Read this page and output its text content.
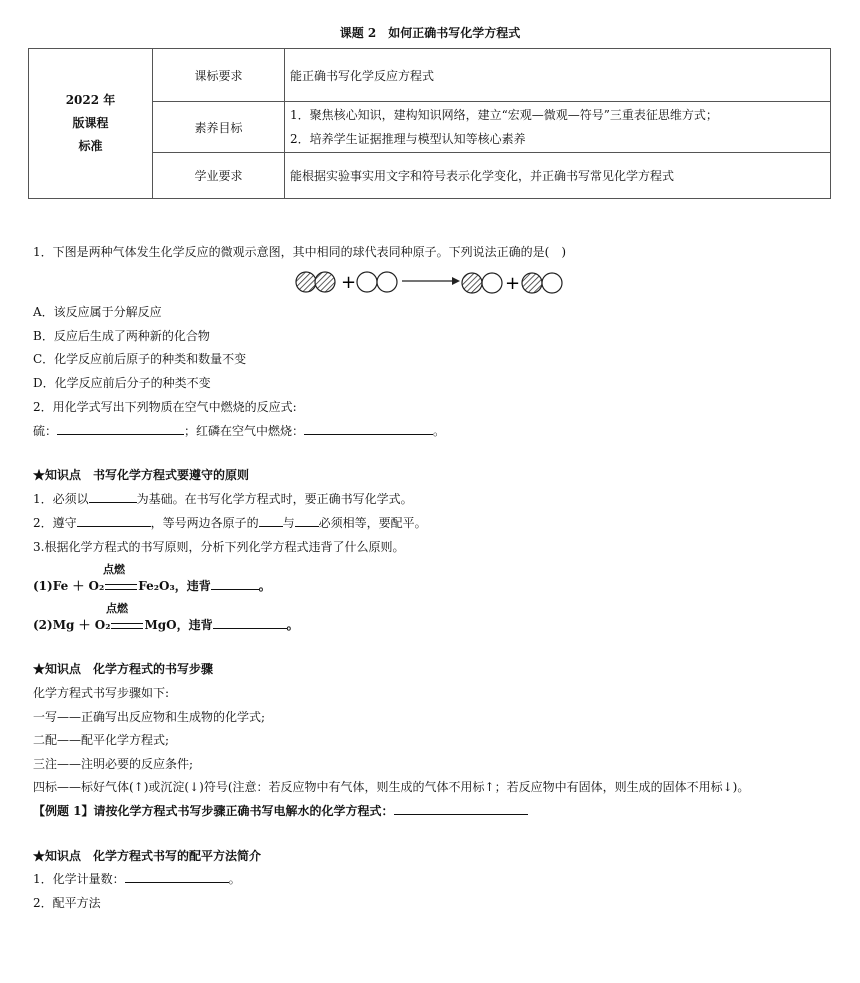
课题 2　如何正确书写化学方程式
2022 年
版课程
标准	课标要求	能正确书写化学反应方程式
	素养目标	1．聚焦核心知识，建构知识网络，建立“宏观—微观—符号”三重表征思维方式；
2．培养学生证据推理与模型认知等核心素养

	学业要求	能根据实验事实用文字和符号表示化学变化，并正确书写常见化学方程式
1．下图是两种气体发生化学反应的微观示意图，其中相同的球代表同种原子。下列说法正确的是(　)
+	+
A．该反应属于分解反应
B．反应后生成了两种新的化合物
C．化学反应前后原子的种类和数量不变
D．化学反应前后分子的种类不变
2．用化学式写出下列物质在空气中燃烧的反应式:
硫：	；红磷在空气中燃烧：	。
★知识点　书写化学方程式要遵守的原则
1．必须以	为基础。在书写化学方程式时，要正确书写化学式。
2．遵守	，等号两边各原子的 与 必须相等，要配平。
3.根据化学方程式的书写原则，分析下列化学方程式违背了什么原则。
点燃
(1)Fe ＋ O₂	Fe₂O₃，违背	。
点燃
(2)Mg ＋ O₂	MgO，违背	。
★知识点　化学方程式的书写步骤
化学方程式书写步骤如下:
一写——正确写出反应物和生成物的化学式;
二配——配平化学方程式;
三注——注明必要的反应条件;
四标——标好气体(↑)或沉淀(↓)符号(注意：若反应物中有气体，则生成的气体不用标↑；若反应物中有固体，则生成的固体不用标↓)。
【例题 1】请按化学方程式书写步骤正确书写电解水的化学方程式：
★知识点　化学方程式书写的配平方法简介
1．化学计量数：	。
2．配平方法
